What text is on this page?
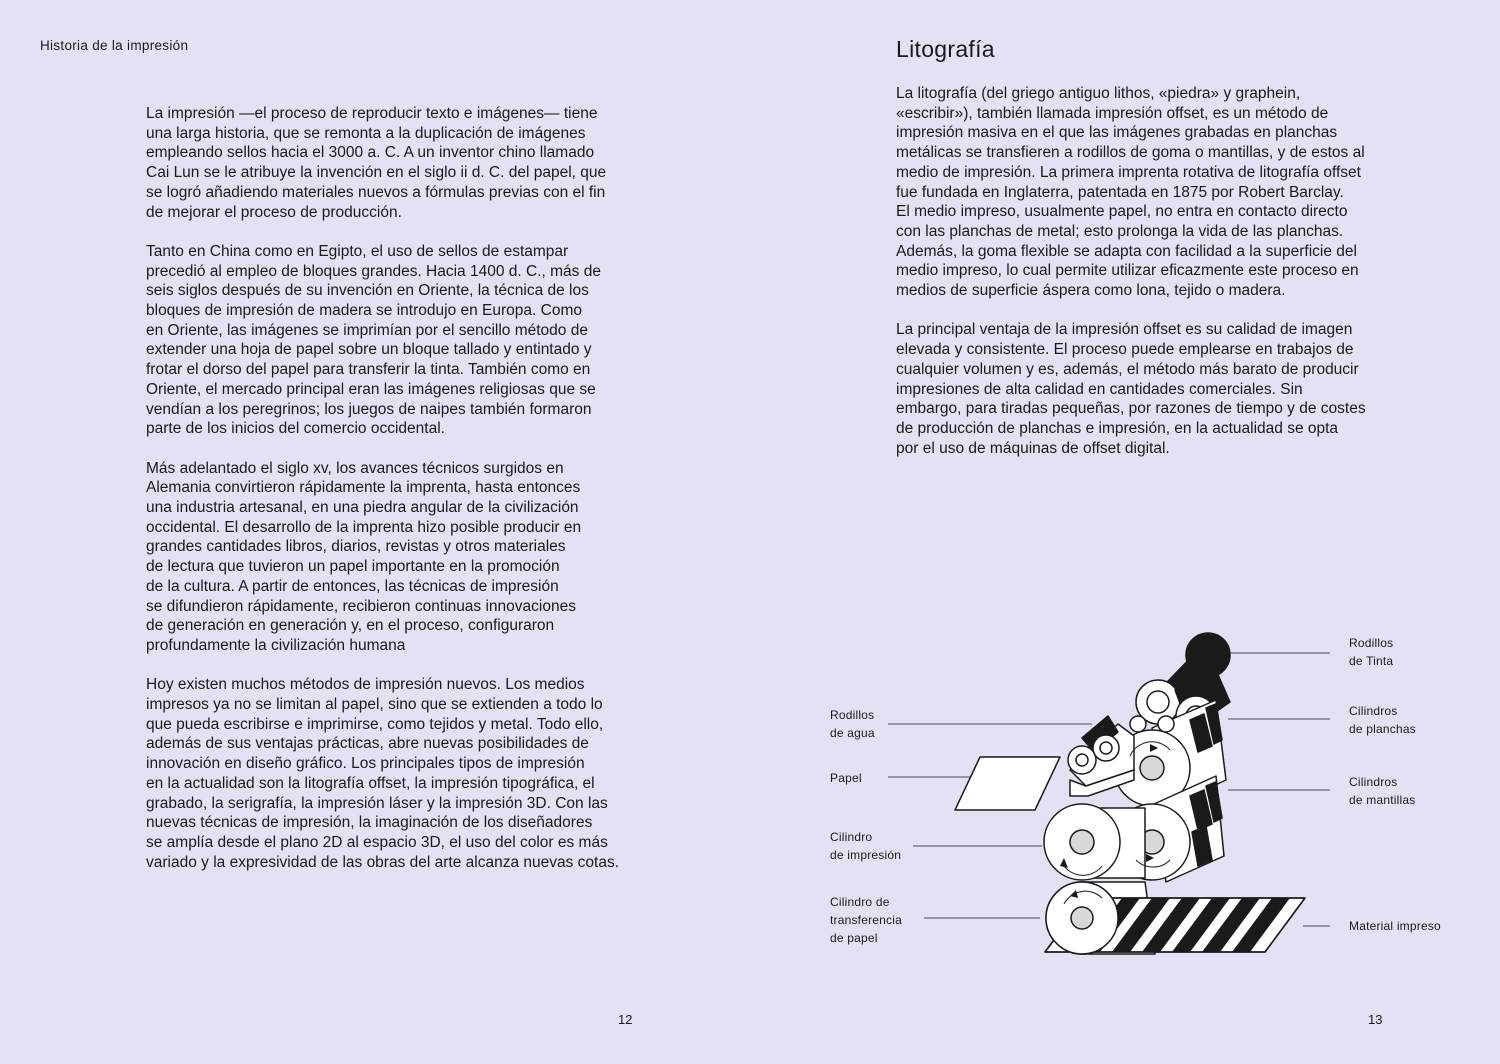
Historia de la impresión

La impresión —el proceso de reproducir texto e imágenes— tiene
una larga historia, que se remonta a la duplicación de imágenes
empleando sellos hacia el 3000 a. C. A un inventor chino llamado
Cai Lun se le atribuye la invención en el siglo ii d. C. del papel, que
se logró añadiendo materiales nuevos a fórmulas previas con el fin
de mejorar el proceso de producción.

Tanto en China como en Egipto, el uso de sellos de estampar
precedió al empleo de bloques grandes. Hacia 1400 d. C., más de
seis siglos después de su invención en Oriente, la técnica de los
bloques de impresión de madera se introdujo en Europa. Como
en Oriente, las imágenes se imprimían por el sencillo método de
extender una hoja de papel sobre un bloque tallado y entintado y
frotar el dorso del papel para transferir la tinta. También como en
Oriente, el mercado principal eran las imágenes religiosas que se
vendían a los peregrinos; los juegos de naipes también formaron
parte de los inicios del comercio occidental.

Más adelantado el siglo xv, los avances técnicos surgidos en
Alemania convirtieron rápidamente la imprenta, hasta entonces
una industria artesanal, en una piedra angular de la civilización
occidental. El desarrollo de la imprenta hizo posible producir en
grandes cantidades libros, diarios, revistas y otros materiales
de lectura que tuvieron un papel importante en la promoción
de la cultura. A partir de entonces, las técnicas de impresión
se difundieron rápidamente, recibieron continuas innovaciones
de generación en generación y, en el proceso, configuraron
profundamente la civilización humana

Hoy existen muchos métodos de impresión nuevos. Los medios
impresos ya no se limitan al papel, sino que se extienden a todo lo
que pueda escribirse e imprimirse, como tejidos y metal. Todo ello,
además de sus ventajas prácticas, abre nuevas posibilidades de
innovación en diseño gráfico. Los principales tipos de impresión
en la actualidad son la litografía offset, la impresión tipográfica, el
grabado, la serigrafía, la impresión láser y la impresión 3D. Con las
nuevas técnicas de impresión, la imaginación de los diseñadores
se amplía desde el plano 2D al espacio 3D, el uso del color es más
variado y la expresividad de las obras del arte alcanza nuevas cotas.

12
Litografía

La litografía (del griego antiguo lithos, «piedra» y graphein,
«escribir»), también llamada impresión offset, es un método de
impresión masiva en el que las imágenes grabadas en planchas
metálicas se transfieren a rodillos de goma o mantillas, y de estos al
medio de impresión. La primera imprenta rotativa de litografía offset
fue fundada en Inglaterra, patentada en 1875 por Robert Barclay.
El medio impreso, usualmente papel, no entra en contacto directo
con las planchas de metal; esto prolonga la vida de las planchas.
Además, la goma flexible se adapta con facilidad a la superficie del
medio impreso, lo cual permite utilizar eficazmente este proceso en
medios de superficie áspera como lona, tejido o madera.

La principal ventaja de la impresión offset es su calidad de imagen
elevada y consistente. El proceso puede emplearse en trabajos de
cualquier volumen y es, además, el método más barato de producir
impresiones de alta calidad en cantidades comerciales. Sin
embargo, para tiradas pequeñas, por razones de tiempo y de costes
de producción de planchas e impresión, en la actualidad se opta
por el uso de máquinas de offset digital.

Rodillos
de Tinta
Cilindros
de planchas
Cilindros
de mantillas
Material impreso
Rodillos
de agua
Papel
Cilindro
de impresión
Cilindro de
transferencia
de papel
13
